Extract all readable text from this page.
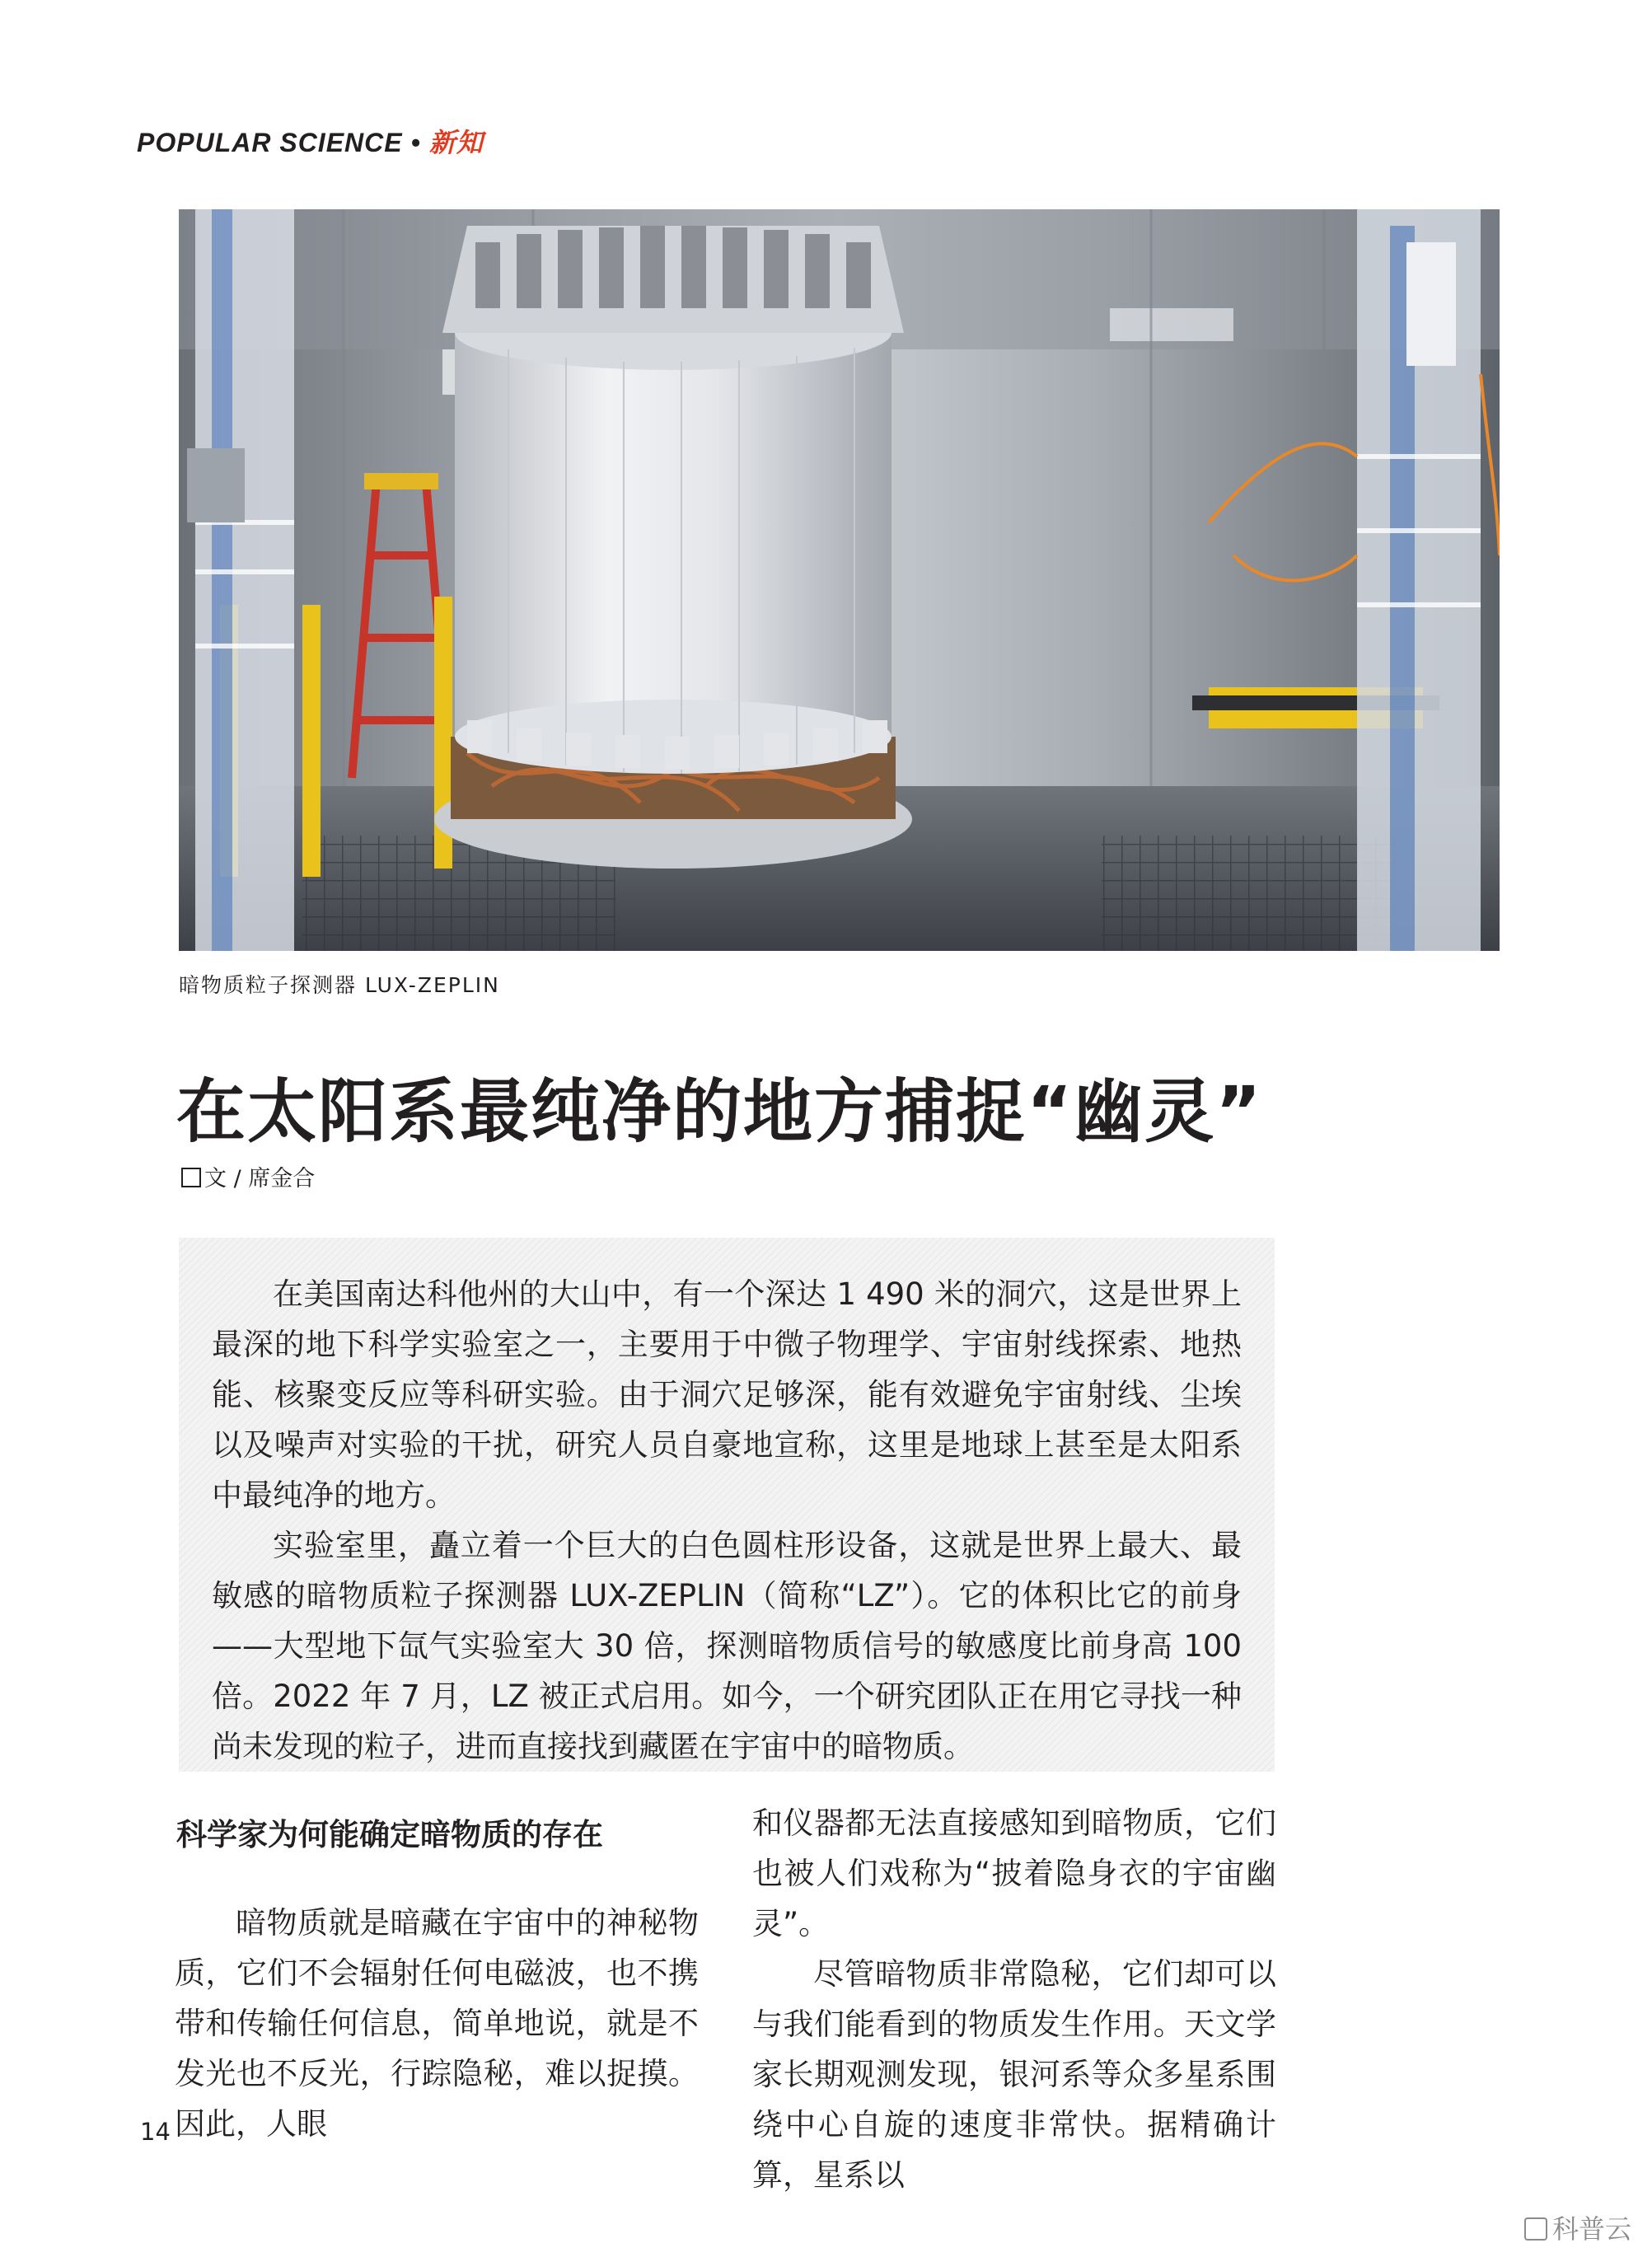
POPULAR SCIENCE • 新知
暗物质粒子探测器 LUX-ZEPLIN
在太阳系最纯净的地方捕捉“幽灵”
文 / 席金合

在美国南达科他州的大山中，有一个深达 1 490 米的洞穴，这是世界上最深的地下科学实验室之一，主要用于中微子物理学、宇宙射线探索、地热能、核聚变反应等科研实验。由于洞穴足够深，能有效避免宇宙射线、尘埃以及噪声对实验的干扰，研究人员自豪地宣称，这里是地球上甚至是太阳系中最纯净的地方。

实验室里，矗立着一个巨大的白色圆柱形设备，这就是世界上最大、最敏感的暗物质粒子探测器 LUX-ZEPLIN（简称“LZ”）。它的体积比它的前身——大型地下氙气实验室大 30 倍，探测暗物质信号的敏感度比前身高 100 倍。2022 年 7 月，LZ 被正式启用。如今，一个研究团队正在用它寻找一种尚未发现的粒子，进而直接找到藏匿在宇宙中的暗物质。

科学家为何能确定暗物质的存在

暗物质就是暗藏在宇宙中的神秘物质，它们不会辐射任何电磁波，也不携带和传输任何信息，简单地说，就是不发光也不反光，行踪隐秘，难以捉摸。因此，人眼

和仪器都无法直接感知到暗物质，它们也被人们戏称为“披着隐身衣的宇宙幽灵”。

尽管暗物质非常隐秘，它们却可以与我们能看到的物质发生作用。天文学家长期观测发现，银河系等众多星系围绕中心自旋的速度非常快。据精确计算，星系以

14
科普云
